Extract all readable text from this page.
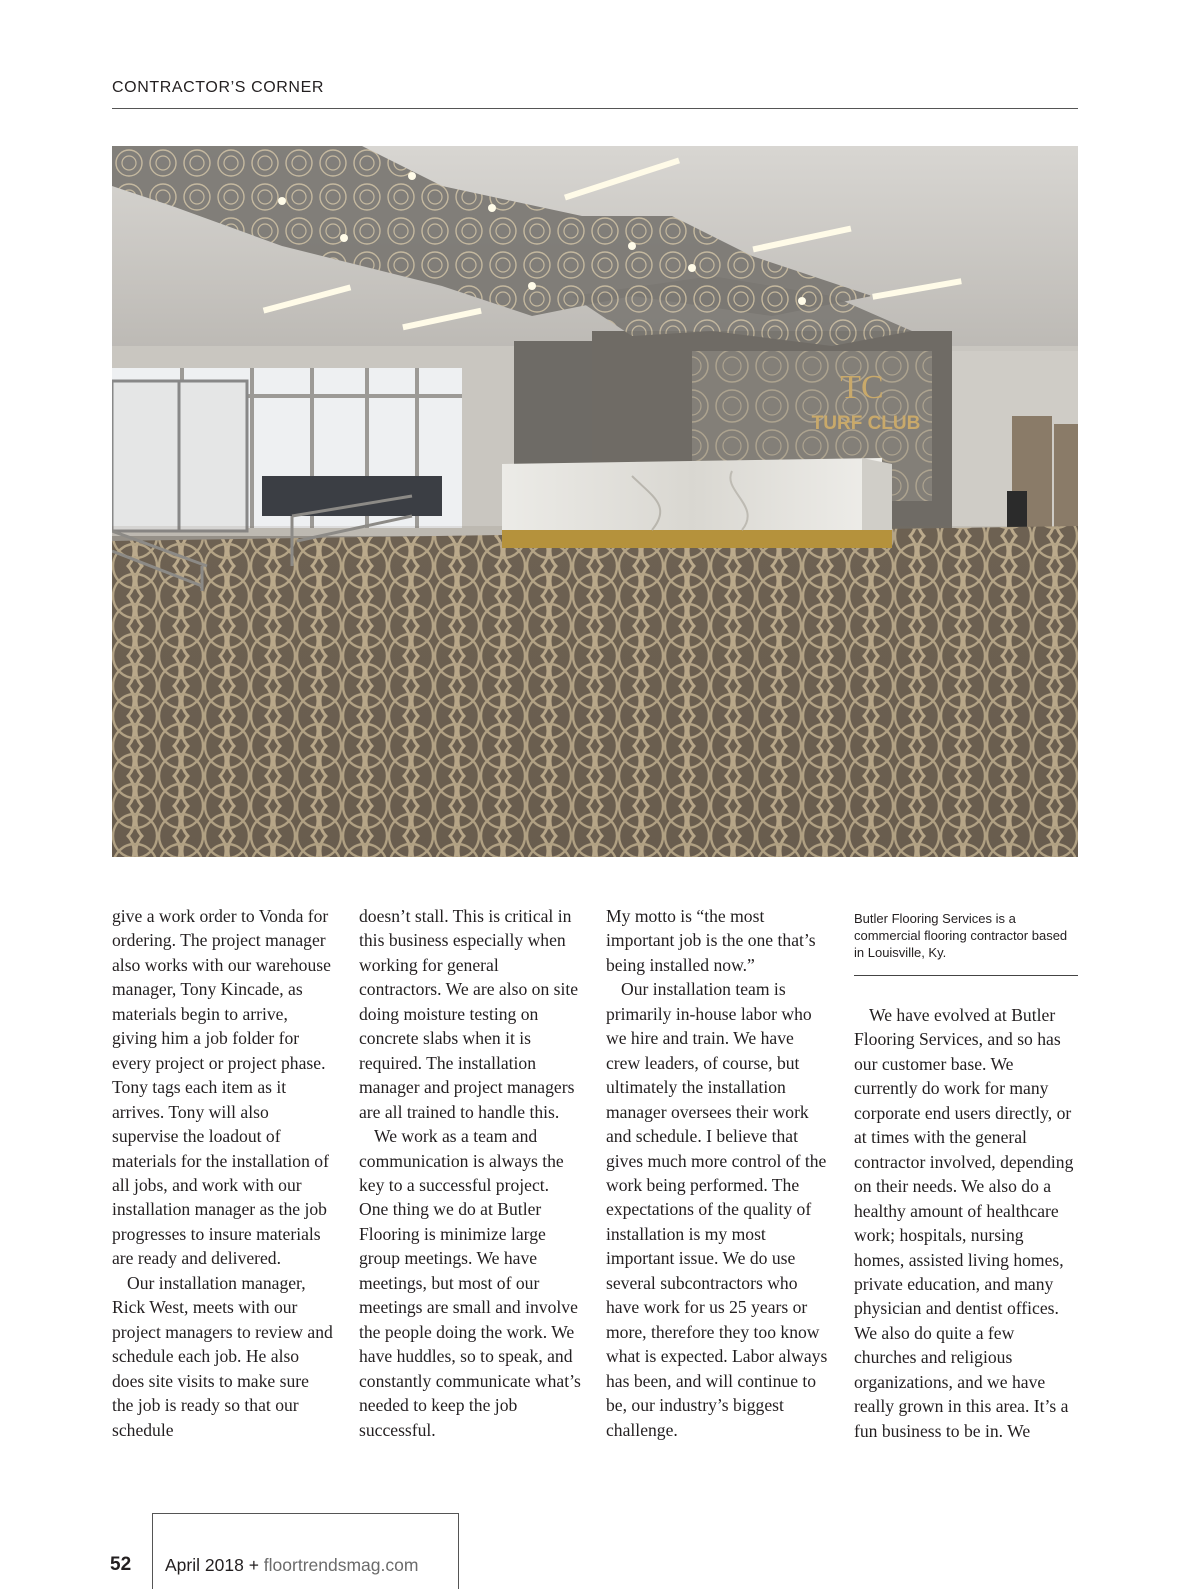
CONTRACTOR’S CORNER
TC
TURF CLUB

give a work order to Vonda for ordering. The project manager also works with our warehouse manager, Tony Kincade, as materials begin to arrive, giving him a job folder for every project or project phase. Tony tags each item as it arrives. Tony will also supervise the loadout of materials for the installation of all jobs, and work with our installation manager as the job progresses to insure materials are ready and delivered.

Our installation manager, Rick West, meets with our project managers to review and schedule each job. He also does site visits to make sure the job is ready so that our schedule

doesn’t stall. This is critical in this business especially when working for general contractors. We are also on site doing moisture testing on concrete slabs when it is required. The installation manager and project managers are all trained to handle this.

We work as a team and communication is always the key to a successful project. One thing we do at Butler Flooring is minimize large group meetings. We have meetings, but most of our meetings are small and involve the people doing the work. We have huddles, so to speak, and constantly communicate what’s needed to keep the job successful.

My motto is “the most important job is the one that’s being installed now.”

Our installation team is primarily in-house labor who we hire and train. We have crew leaders, of course, but ultimately the installation manager oversees their work and schedule. I believe that gives much more control of the work being performed. The expectations of the quality of installation is my most important issue. We do use several subcontractors who have work for us 25 years or more, therefore they too know what is expected. Labor always has been, and will continue to be, our industry’s biggest challenge.

Butler Flooring Services is a commercial flooring contractor based in Louisville, Ky.

We have evolved at Butler Flooring Services, and so has our customer base. We currently do work for many corporate end users directly, or at times with the general contractor involved, depending on their needs. We also do a healthy amount of healthcare work; hospitals, nursing homes, assisted living homes, private education, and many physician and dentist offices. We also do quite a few churches and religious organizations, and we have really grown in this area. It’s a fun business to be in. We

52 April 2018 + floortrendsmag.com
